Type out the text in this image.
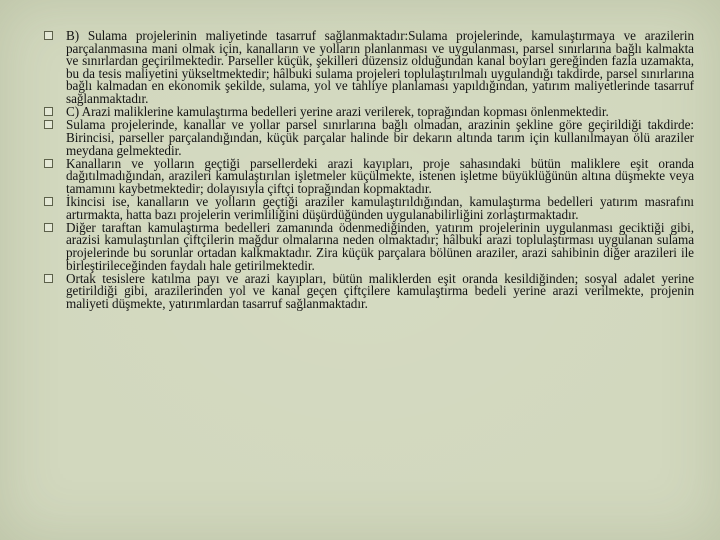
B) Sulama projelerinin maliyetinde tasarruf sağlanmaktadır:Sulama projelerinde, kamulaştırmaya ve arazilerin parçalanmasına mani olmak için, kanalların ve yolların planlanması ve uygulanması, parsel sınırlarına bağlı kalmakta ve sınırlardan geçirilmektedir. Parseller küçük, şekilleri düzensiz olduğundan kanal boyları gereğinden fazla uzamakta, bu da tesis maliyetini yükseltmektedir; hâlbuki sulama projeleri toplulaştırılmalı uygulandığı takdirde, parsel sınırlarına bağlı kalmadan en ekonomik şekilde, sulama, yol ve tahliye planlaması yapıldığından, yatırım maliyetlerinde tasarruf sağlanmaktadır.
C) Arazi maliklerine kamulaştırma bedelleri yerine arazi verilerek, toprağından kopması önlenmektedir.
Sulama projelerinde, kanallar ve yollar parsel sınırlarına bağlı olmadan, arazinin şekline göre geçirildiği takdirde: Birincisi, parseller parçalandığından, küçük parçalar halinde bir dekarın altında tarım için kullanılmayan ölü araziler meydana gelmektedir.
Kanalların ve yolların geçtiği parsellerdeki arazi kayıpları, proje sahasındaki bütün maliklere eşit oranda dağıtılmadığından, arazileri kamulaştırılan işletmeler küçülmekte, istenen işletme büyüklüğünün altına düşmekte veya tamamını kaybetmektedir; dolayısıyla çiftçi toprağından kopmaktadır.
İkincisi ise, kanalların ve yolların geçtiği araziler kamulaştırıldığından, kamulaştırma bedelleri yatırım masrafını artırmakta, hatta bazı projelerin verimliliğini düşürdüğünden uygulanabilirliğini zorlaştırmaktadır.
Diğer taraftan kamulaştırma bedelleri zamanında ödenmediğinden, yatırım projelerinin uygulanması geciktiği gibi, arazisi kamulaştırılan çiftçilerin mağdur olmalarına neden olmaktadır; hâlbuki arazi toplulaştırması uygulanan sulama projelerinde bu sorunlar ortadan kalkmaktadır. Zira küçük parçalara bölünen araziler, arazi sahibinin diğer arazileri ile birleştirileceğinden faydalı hale getirilmektedir.
Ortak tesislere katılma payı ve arazi kayıpları, bütün maliklerden eşit oranda kesildiğinden; sosyal adalet yerine getirildiği gibi, arazilerinden yol ve kanal geçen çiftçilere kamulaştırma bedeli yerine arazi verilmekte, projenin maliyeti düşmekte, yatırımlardan tasarruf sağlanmaktadır.
